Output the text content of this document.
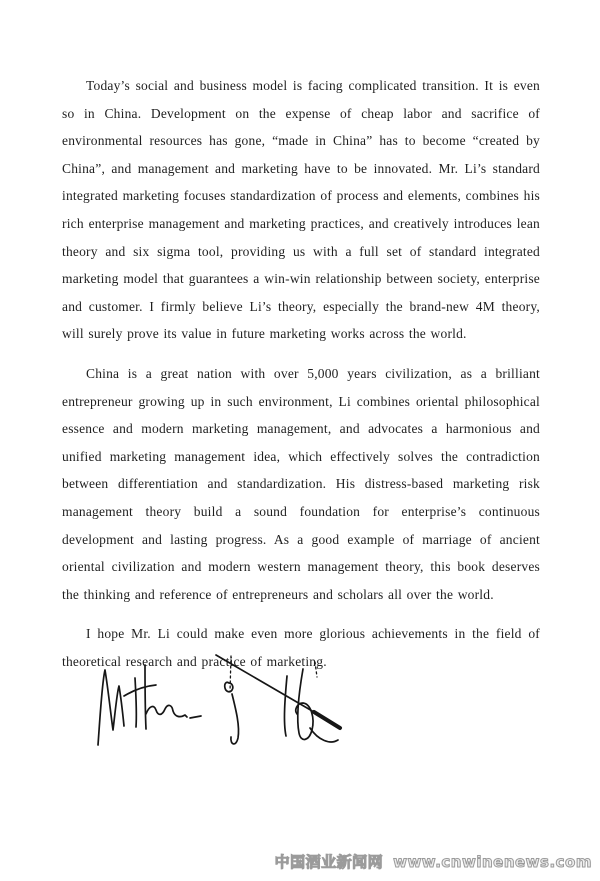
Today’s social and business model is facing complicated transition. It is even so in China. Development on the expense of cheap labor and sacrifice of environmental resources has gone, “made in China” has to become “created by China”, and management and marketing have to be innovated. Mr. Li’s standard integrated marketing focuses standardization of process and elements, combines his rich enterprise management and marketing practices, and creatively introduces lean theory and six sigma tool, providing us with a full set of standard integrated marketing model that guarantees a win-win relationship between society, enterprise and customer. I firmly believe Li’s theory, especially the brand-new 4M theory, will surely prove its value in future marketing works across the world.

China is a great nation with over 5,000 years civilization, as a brilliant entrepreneur growing up in such environment, Li combines oriental philosophical essence and modern marketing management, and advocates a harmonious and unified marketing management idea, which effectively solves the contradiction between differentiation and standardization. His distress-based marketing risk management theory build a sound foundation for enterprise’s continuous development and lasting progress. As a good example of marriage of ancient oriental civilization and modern western management theory, this book deserves the thinking and reference of entrepreneurs and scholars all over the world.

I hope Mr. Li could make even more glorious achievements in the field of theoretical research and practice of marketing.

中国酒业新闻网 www.cnwinenews.com
